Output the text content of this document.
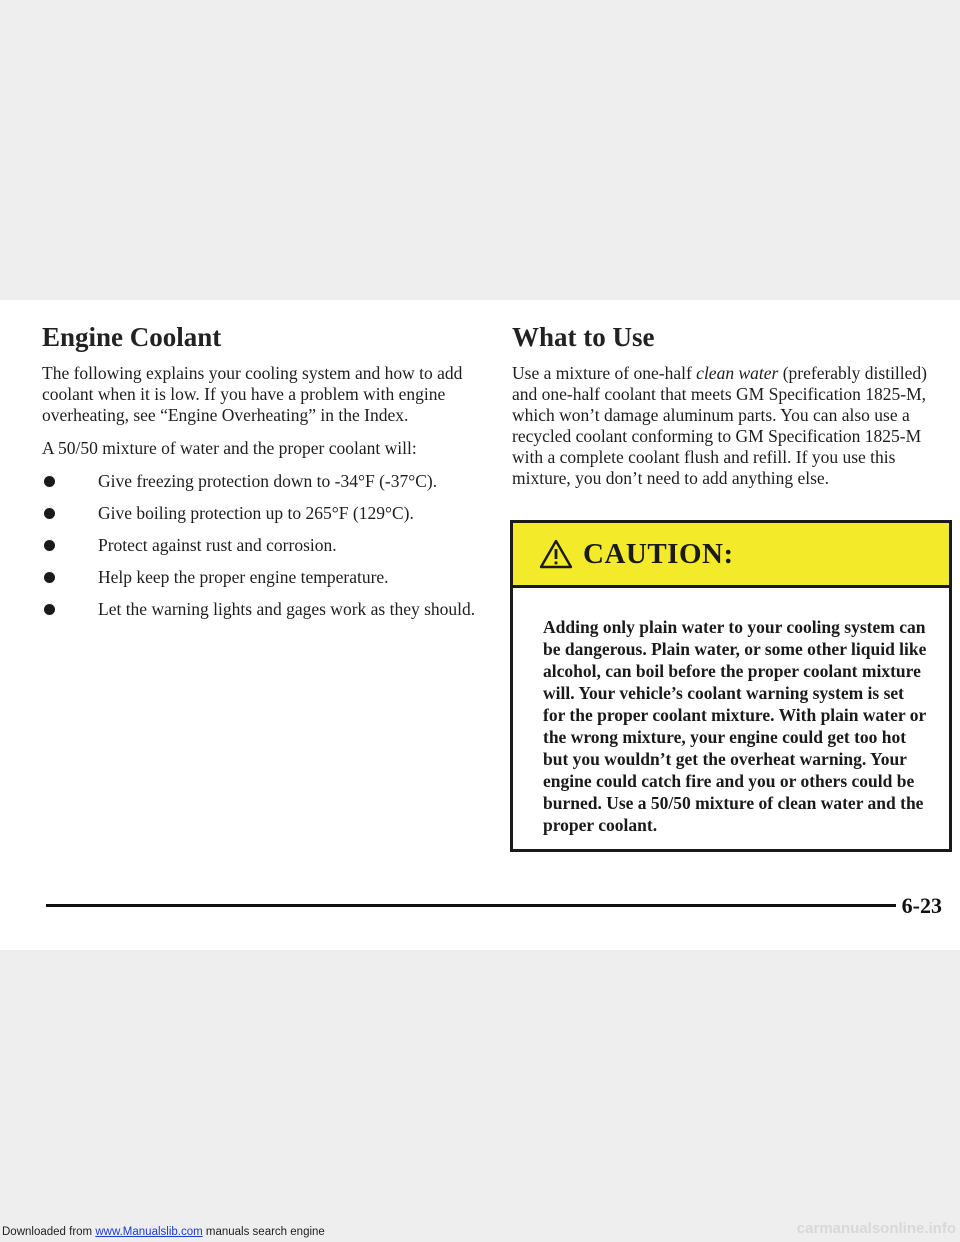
Engine Coolant

The following explains your cooling system and how to add coolant when it is low. If you have a problem with engine overheating, see “Engine Overheating” in the Index.

A 50/50 mixture of water and the proper coolant will:

Give freezing protection down to -34°F (-37°C).
Give boiling protection up to 265°F (129°C).
Protect against rust and corrosion.
Help keep the proper engine temperature.
Let the warning lights and gages work as they should.
What to Use

Use a mixture of one-half clean water (preferably distilled) and one-half coolant that meets GM Specification 1825-M, which won’t damage aluminum parts. You can also use a recycled coolant conforming to GM Specification 1825-M with a complete coolant flush and refill. If you use this mixture, you don’t need to add anything else.

CAUTION:

Adding only plain water to your cooling system can be dangerous. Plain water, or some other liquid like alcohol, can boil before the proper coolant mixture will. Your vehicle’s coolant warning system is set for the proper coolant mixture. With plain water or the wrong mixture, your engine could get too hot but you wouldn’t get the overheat warning. Your engine could catch fire and you or others could be burned. Use a 50/50 mixture of clean water and the proper coolant.

6-23
Downloaded from www.Manualslib.com manuals search engine	carmanualsonline.info
